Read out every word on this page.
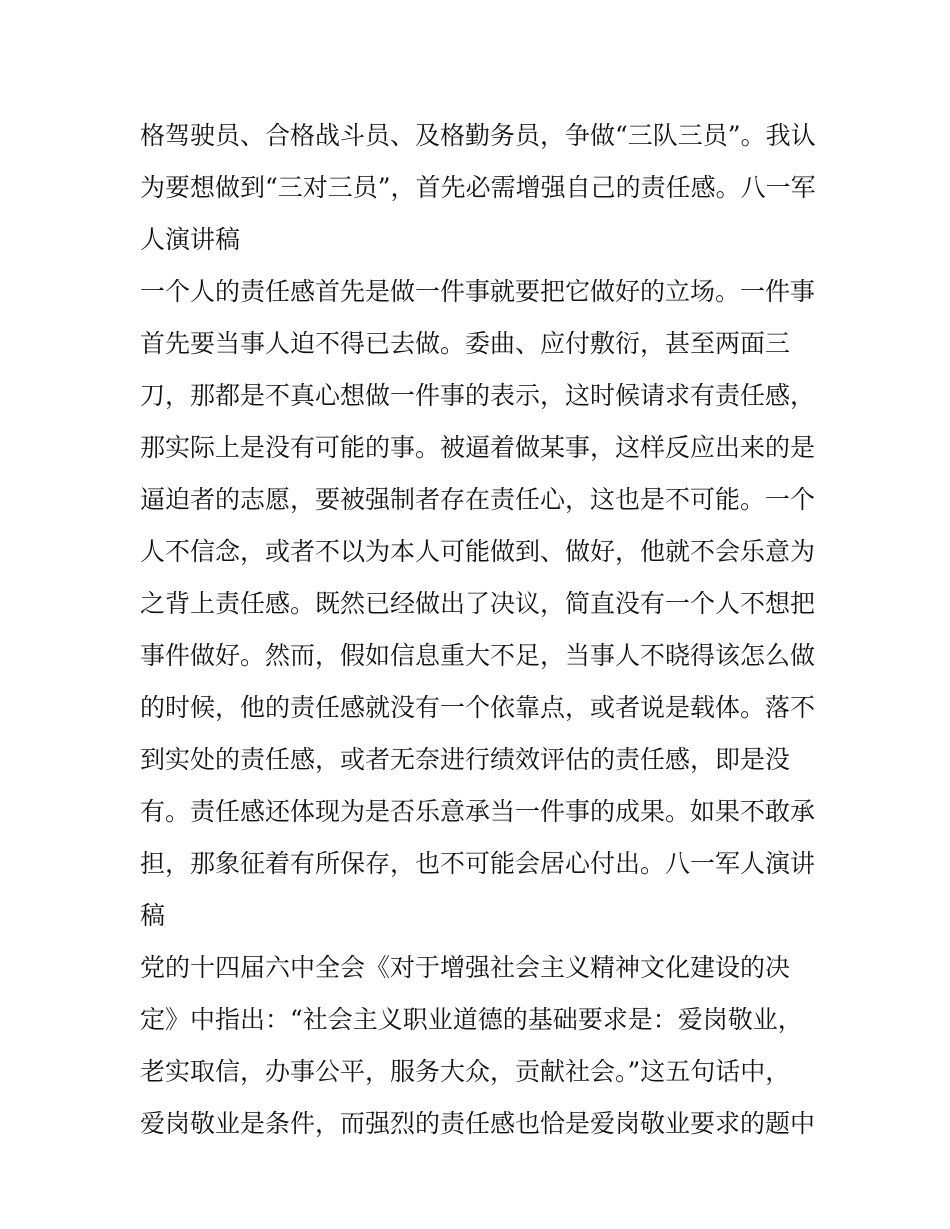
格驾驶员、合格战斗员、及格勤务员，争做“三队三员”。我认
为要想做到“三对三员”，首先必需增强自己的责任感。八一军
人演讲稿
一个人的责任感首先是做一件事就要把它做好的立场。一件事
首先要当事人迫不得已去做。委曲、应付敷衍，甚至两面三
刀，那都是不真心想做一件事的表示，这时候请求有责任感，
那实际上是没有可能的事。被逼着做某事，这样反应出来的是
逼迫者的志愿，要被强制者存在责任心，这也是不可能。一个
人不信念，或者不以为本人可能做到、做好，他就不会乐意为
之背上责任感。既然已经做出了决议，简直没有一个人不想把
事件做好。然而，假如信息重大不足，当事人不晓得该怎么做
的时候，他的责任感就没有一个依靠点，或者说是载体。落不
到实处的责任感，或者无奈进行绩效评估的责任感，即是没
有。责任感还体现为是否乐意承当一件事的成果。如果不敢承
担，那象征着有所保存，也不可能会居心付出。八一军人演讲
稿
党的十四届六中全会《对于增强社会主义精神文化建设的决
定》中指出：“社会主义职业道德的基础要求是：爱岗敬业，
老实取信，办事公平，服务大众，贡献社会。”这五句话中，
爱岗敬业是条件，而强烈的责任感也恰是爱岗敬业要求的题中
